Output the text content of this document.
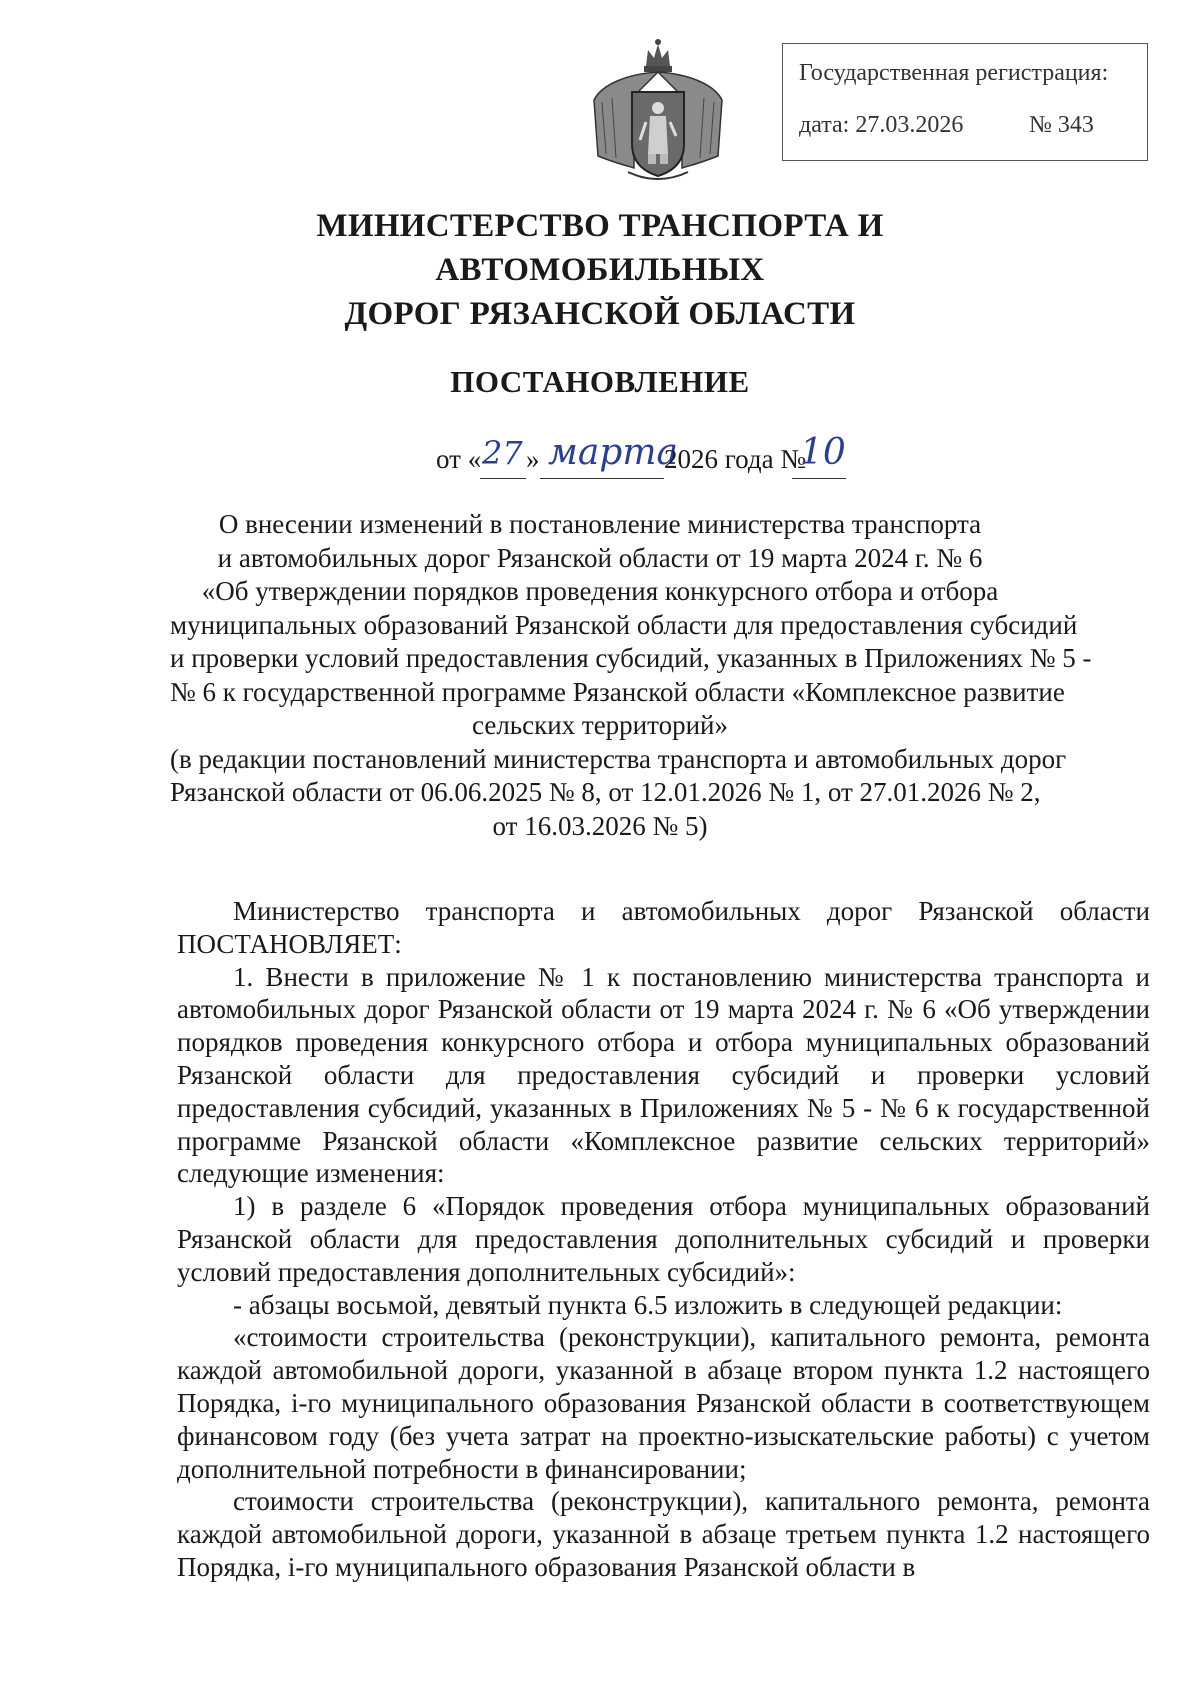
Государственная регистрация:
дата: 27.03.2026	№ 343
МИНИСТЕРСТВО ТРАНСПОРТА И АВТОМОБИЛЬНЫХ
ДОРОГ РЯЗАНСКОЙ ОБЛАСТИ
ПОСТАНОВЛЕНИЕ
от « 27 » марта
2026 года №
10
О внесении изменений в постановление министерства транспорта
и автомобильных дорог Рязанской области от 19 марта 2024 г. № 6
«Об утверждении порядков проведения конкурсного отбора и отбора
муниципальных образований Рязанской области для предоставления субсидий
и проверки условий предоставления субсидий, указанных в Приложениях № 5 -
№ 6 к государственной программе Рязанской области «Комплексное развитие
сельских территорий»
(в редакции постановлений министерства транспорта и автомобильных дорог
Рязанской области от 06.06.2025 № 8, от 12.01.2026 № 1, от 27.01.2026 № 2,
от 16.03.2026 № 5)

Министерство транспорта и автомобильных дорог Рязанской области

ПОСТАНОВЛЯЕТ:

1. Внести в приложение № 1 к постановлению министерства транспорта и автомобильных дорог Рязанской области от 19 марта 2024 г. № 6 «Об утверждении порядков проведения конкурсного отбора и отбора муниципальных образований Рязанской области для предоставления субсидий и проверки условий предоставления субсидий, указанных в Приложениях № 5 - № 6 к государственной программе Рязанской области «Комплексное развитие сельских территорий» следующие изменения:

1) в разделе 6 «Порядок проведения отбора муниципальных образований Рязанской области для предоставления дополнительных субсидий и проверки условий предоставления дополнительных субсидий»:

- абзацы восьмой, девятый пункта 6.5 изложить в следующей редакции:

«стоимости строительства (реконструкции), капитального ремонта, ремонта каждой автомобильной дороги, указанной в абзаце втором пункта 1.2 настоящего Порядка, i-го муниципального образования Рязанской области в соответствующем финансовом году (без учета затрат на проектно-изыскательские работы) с учетом дополнительной потребности в финансировании;

стоимости строительства (реконструкции), капитального ремонта, ремонта каждой автомобильной дороги, указанной в абзаце третьем пункта 1.2 настоящего Порядка, i-го муниципального образования Рязанской области в
